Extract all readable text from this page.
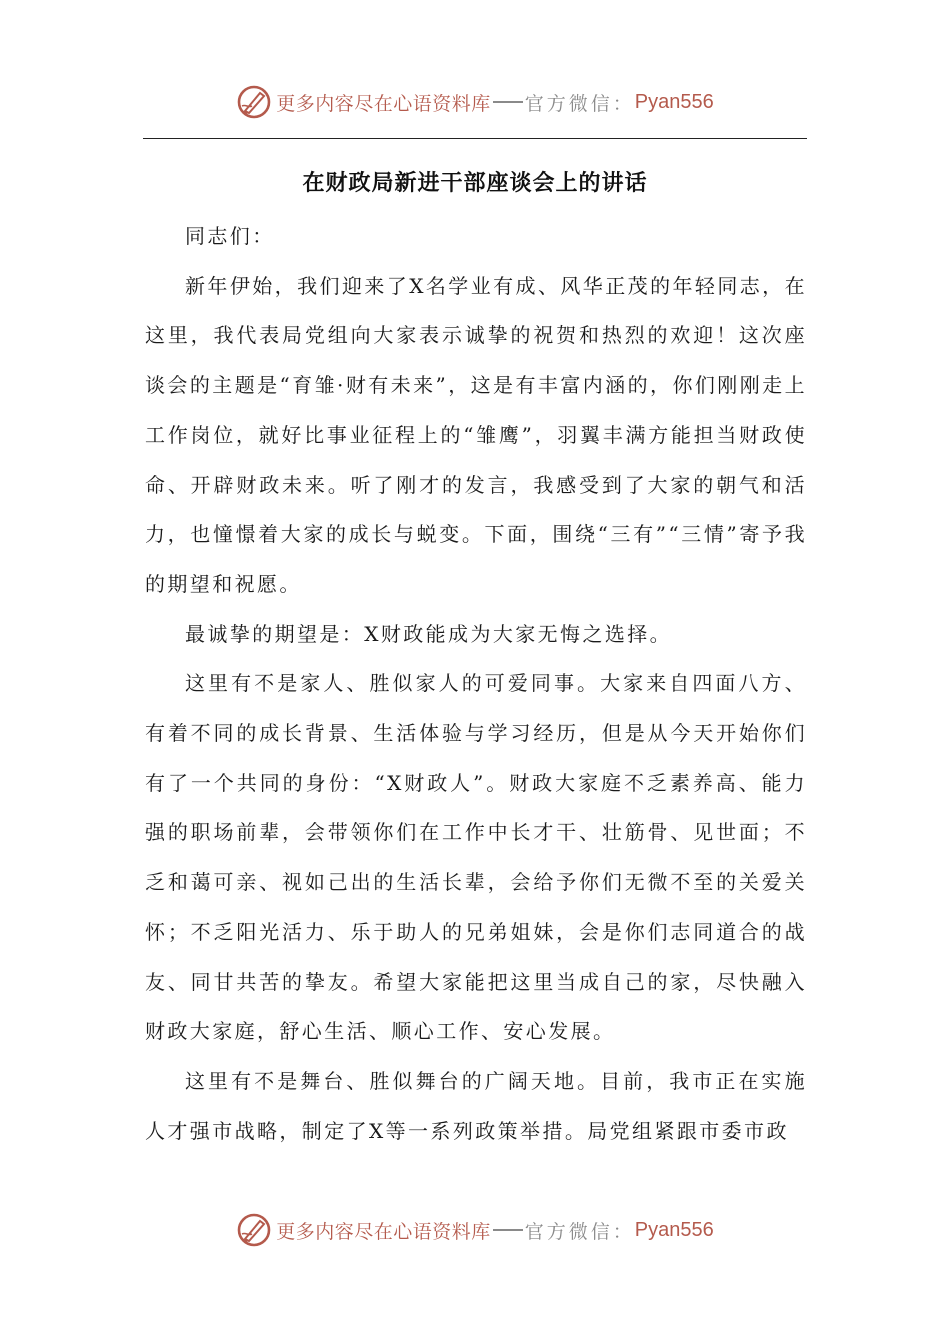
更多内容尽在心语资料库 官方微信： Pyan556
在财政局新进干部座谈会上的讲话

同志们：

新年伊始，我们迎来了X名学业有成、风华正茂的年轻同志，在这里，我代表局党组向大家表示诚挚的祝贺和热烈的欢迎！这次座谈会的主题是“育雏·财有未来”，这是有丰富内涵的，你们刚刚走上工作岗位，就好比事业征程上的“雏鹰”，羽翼丰满方能担当财政使命、开辟财政未来。听了刚才的发言，我感受到了大家的朝气和活力，也憧憬着大家的成长与蜕变。下面，围绕“三有”“三情”寄予我的期望和祝愿。

最诚挚的期望是：X财政能成为大家无悔之选择。

这里有不是家人、胜似家人的可爱同事。大家来自四面八方、有着不同的成长背景、生活体验与学习经历，但是从今天开始你们有了一个共同的身份：“X财政人”。财政大家庭不乏素养高、能力强的职场前辈，会带领你们在工作中长才干、壮筋骨、见世面；不乏和蔼可亲、视如己出的生活长辈，会给予你们无微不至的关爱关怀；不乏阳光活力、乐于助人的兄弟姐妹，会是你们志同道合的战友、同甘共苦的挚友。希望大家能把这里当成自己的家，尽快融入财政大家庭，舒心生活、顺心工作、安心发展。

这里有不是舞台、胜似舞台的广阔天地。目前，我市正在实施人才强市战略，制定了X等一系列政策举措。局党组紧跟市委市政

更多内容尽在心语资料库 官方微信： Pyan556
